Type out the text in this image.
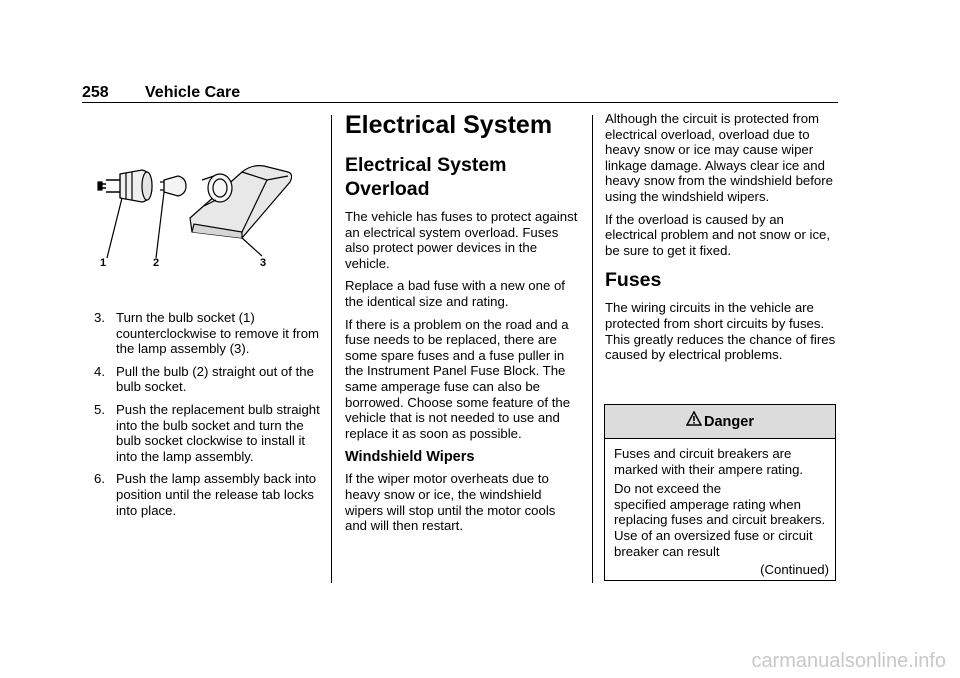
258 Vehicle Care
1	2	3
3. Turn the bulb socket (1) counterclockwise to remove it from the lamp assembly (3).
4. Pull the bulb (2) straight out of the bulb socket.
5. Push the replacement bulb straight into the bulb socket and turn the bulb socket clockwise to install it into the lamp assembly.
6. Push the lamp assembly back into position until the release tab locks into place.
Electrical System
Electrical System Overload

The vehicle has fuses to protect against an electrical system overload. Fuses also protect power devices in the vehicle.

Replace a bad fuse with a new one of the identical size and rating.

If there is a problem on the road and a fuse needs to be replaced, there are some spare fuses and a fuse puller in the Instrument Panel Fuse Block. The same amperage fuse can also be borrowed. Choose some feature of the vehicle that is not needed to use and replace it as soon as possible.

Windshield Wipers

If the wiper motor overheats due to heavy snow or ice, the windshield wipers will stop until the motor cools and will then restart.

Although the circuit is protected from electrical overload, overload due to heavy snow or ice may cause wiper linkage damage. Always clear ice and heavy snow from the windshield before using the windshield wipers.

If the overload is caused by an electrical problem and not snow or ice, be sure to get it fixed.

Fuses

The wiring circuits in the vehicle are protected from short circuits by fuses. This greatly reduces the chance of fires caused by electrical problems.

Danger

Fuses and circuit breakers are marked with their ampere rating.

Do not exceed the

specified amperage rating when replacing fuses and circuit breakers. Use of an oversized fuse or circuit breaker can result

(Continued)
carmanualsonline.info
